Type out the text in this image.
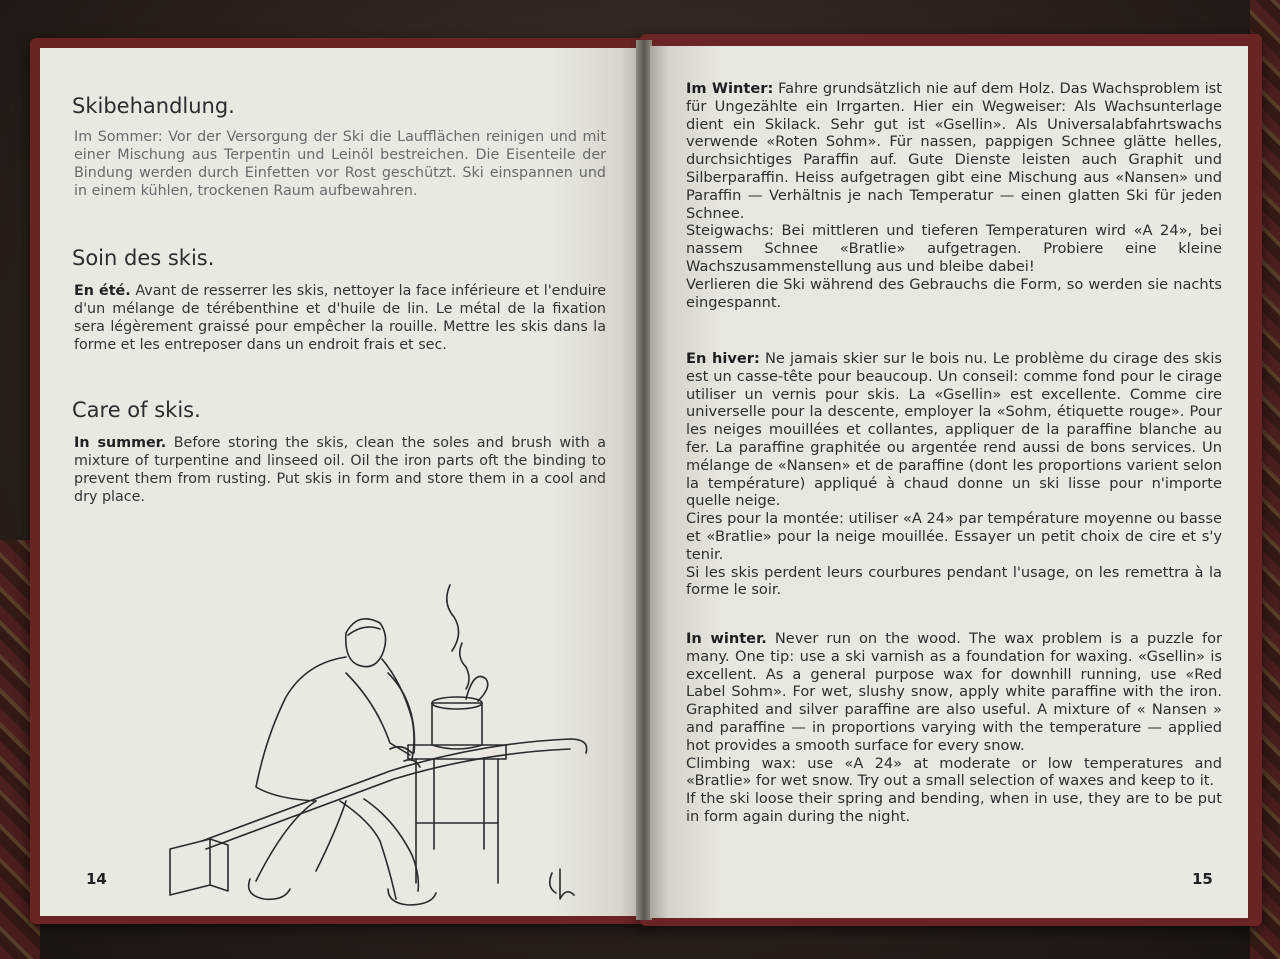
Skibehandlung.

Im Sommer: Vor der Versorgung der Ski die Laufflächen reinigen und mit einer Mischung aus Terpentin und Leinöl bestreichen. Die Eisenteile der Bindung werden durch Einfetten vor Rost geschützt. Ski einspannen und in einem kühlen, trockenen Raum aufbewahren.

Soin des skis.

En été. Avant de resserrer les skis, nettoyer la face inférieure et l'enduire d'un mélange de térébenthine et d'huile de lin. Le métal de la fixation sera légèrement graissé pour empêcher la rouille. Mettre les skis dans la forme et les entreposer dans un endroit frais et sec.

Care of skis.

In summer. Before storing the skis, clean the soles and brush with a mixture of turpentine and linseed oil. Oil the iron parts oft the binding to prevent them from rusting. Put skis in form and store them in a cool and dry place.

14

Im Winter: Fahre grundsätzlich nie auf dem Holz. Das Wachsproblem ist für Ungezählte ein Irrgarten. Hier ein Wegweiser: Als Wachsunterlage dient ein Skilack. Sehr gut ist «Gsellin». Als Universalabfahrtswachs verwende «Roten Sohm». Für nassen, pappigen Schnee glätte helles, durchsichtiges Paraffin auf. Gute Dienste leisten auch Graphit und Silberparaffin. Heiss aufgetragen gibt eine Mischung aus «Nansen» und Paraffin — Verhältnis je nach Temperatur — einen glatten Ski für jeden Schnee.
Steigwachs: Bei mittleren und tieferen Temperaturen wird «A 24», bei nassem Schnee «Bratlie» aufgetragen. Probiere eine kleine Wachszusammenstellung aus und bleibe dabei!
Verlieren die Ski während des Gebrauchs die Form, so werden sie nachts eingespannt.

En hiver: Ne jamais skier sur le bois nu. Le problème du cirage des skis est un casse-tête pour beaucoup. Un conseil: comme fond pour le cirage utiliser un vernis pour skis. La «Gsellin» est excellente. Comme cire universelle pour la descente, employer la «Sohm, étiquette rouge». Pour les neiges mouillées et collantes, appliquer de la paraffine blanche au fer. La paraffine graphitée ou argentée rend aussi de bons services. Un mélange de «Nansen» et de paraffine (dont les proportions varient selon la température) appliqué à chaud donne un ski lisse pour n'importe quelle neige.
Cires pour la montée: utiliser «A 24» par température moyenne ou basse et «Bratlie» pour la neige mouillée. Essayer un petit choix de cire et s'y tenir.
Si les skis perdent leurs courbures pendant l'usage, on les remettra à la forme le soir.

In winter. Never run on the wood. The wax problem is a puzzle for many. One tip: use a ski varnish as a foundation for waxing. «Gsellin» is excellent. As a general purpose wax for downhill running, use «Red Label Sohm». For wet, slushy snow, apply white paraffine with the iron. Graphited and silver paraffine are also useful. A mixture of « Nansen » and paraffine — in proportions varying with the temperature — applied hot provides a smooth surface for every snow.
Climbing wax: use «A 24» at moderate or low temperatures and «Bratlie» for wet snow. Try out a small selection of waxes and keep to it.
If the ski loose their spring and bending, when in use, they are to be put in form again during the night.

15
